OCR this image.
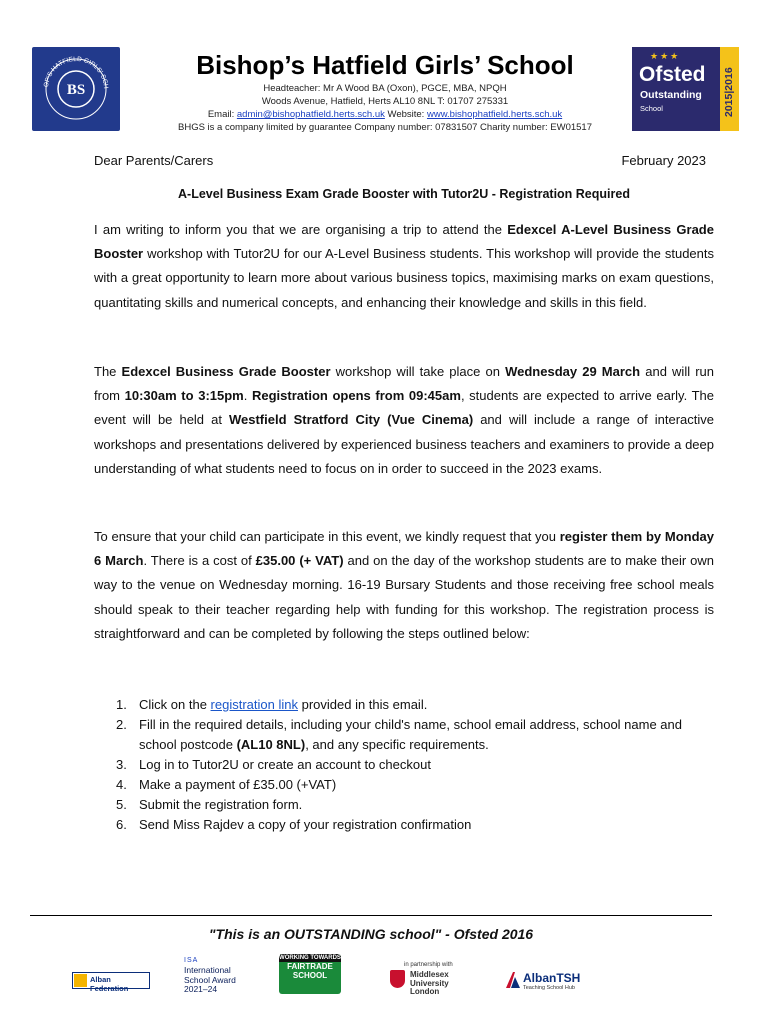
BS
OP'S HATFIELD GIRLS' SCH
Bishop’s Hatfield Girls’ School
Headteacher: Mr A Wood BA (Oxon), PGCE, MBA, NPQH
Woods Avenue, Hatfield, Herts AL10 8NL T: 01707 275331
Email: admin@bishophatfield.herts.sch.uk Website: www.bishophatfield.herts.sch.uk
BHGS is a company limited by guarantee Company number: 07831507 Charity number: EW01517
★★★
Ofsted
Outstanding
School	2015|2016
Dear Parents/Carers	February 2023
A-Level Business Exam Grade Booster with Tutor2U - Registration Required
I am writing to inform you that we are organising a trip to attend the Edexcel A-Level Business Grade Booster workshop with Tutor2U for our A-Level Business students. This workshop will provide the students with a great opportunity to learn more about various business topics, maximising marks on exam questions, quantitating skills and numerical concepts, and enhancing their knowledge and skills in this field.
The Edexcel Business Grade Booster workshop will take place on Wednesday 29 March and will run from 10:30am to 3:15pm. Registration opens from 09:45am, students are expected to arrive early. The event will be held at Westfield Stratford City (Vue Cinema) and will include a range of interactive workshops and presentations delivered by experienced business teachers and examiners to provide a deep understanding of what students need to focus on in order to succeed in the 2023 exams.
To ensure that your child can participate in this event, we kindly request that you register them by Monday 6 March. There is a cost of £35.00 (+ VAT) and on the day of the workshop students are to make their own way to the venue on Wednesday morning. 16-19 Bursary Students and those receiving free school meals should speak to their teacher regarding help with funding for this workshop. The registration process is straightforward and can be completed by following the steps outlined below:
1. Click on the registration link provided in this email.
2. Fill in the required details, including your child's name, school email address, school name and school postcode (AL10 8NL), and any specific requirements.
3. Log in to Tutor2U or create an account to checkout
4. Make a payment of £35.00 (+VAT)
5. Submit the registration form.
6. Send Miss Rajdev a copy of your registration confirmation
"This is an OUTSTANDING school" - Ofsted 2016
Alban Federation
ISA
International School Award 2021–24
WORKING TOWARDS
FAIRTRADE SCHOOL
in partnership with
Middlesex University London
AlbanTSH
Teaching School Hub
